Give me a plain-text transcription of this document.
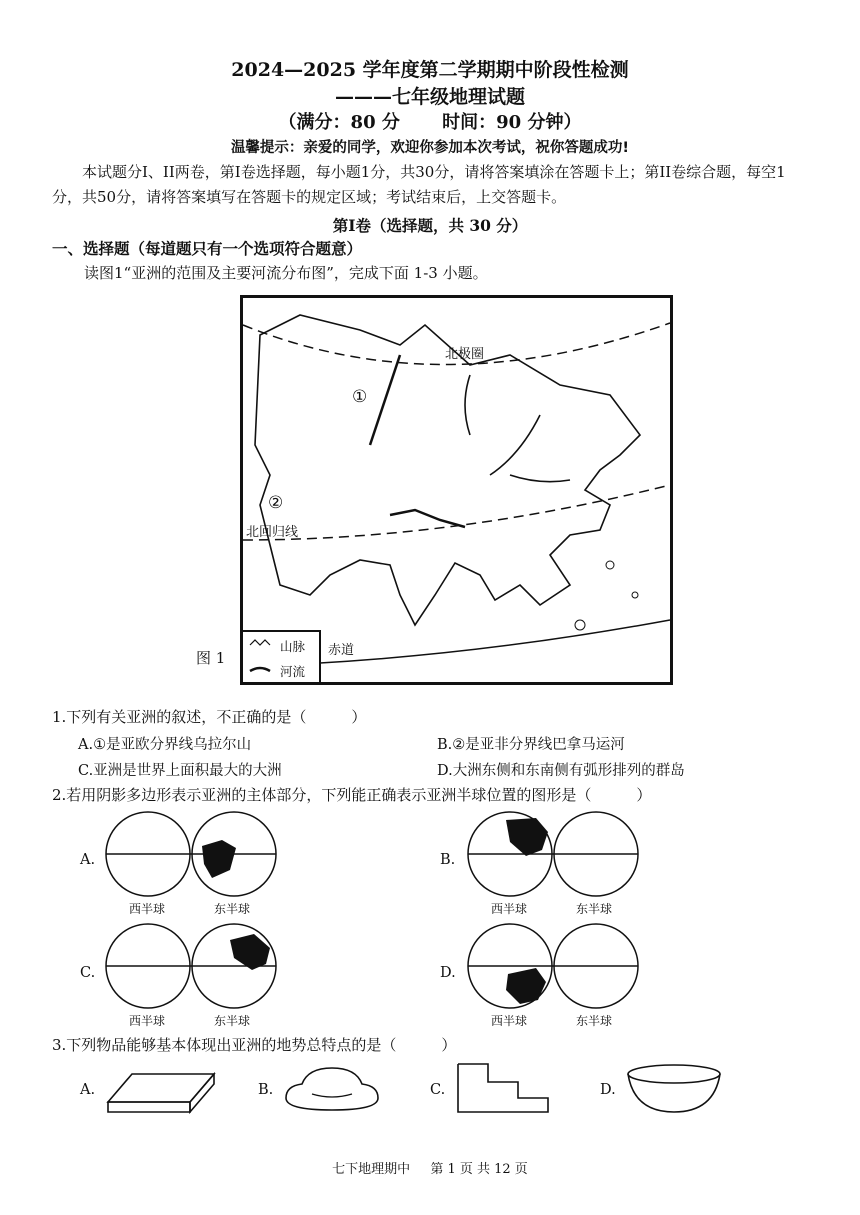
2024—2025 学年度第二学期期中阶段性检测
———七年级地理试题
（满分：80 分　　 时间：90 分钟）
温馨提示：亲爱的同学，欢迎你参加本次考试，祝你答题成功!
本试题分I、II两卷，第I卷选择题，每小题1分，共30分，请将答案填涂在答题卡上；第II卷综合题，每空1分，共50分，请将答案填写在答题卡的规定区域；考试结束后，上交答题卡。
第Ⅰ卷（选择题，共 30 分）
一、选择题（每道题只有一个选项符合题意）
读图1“亚洲的范围及主要河流分布图”，完成下面 1-3 小题。
北极圈
北回归线
赤道
①
②
山脉
河流
图 1
1.下列有关亚洲的叙述，不正确的是（　　　）
A.①是亚欧分界线乌拉尔山	B.②是亚非分界线巴拿马运河
C.亚洲是世界上面积最大的大洲	D.大洲东侧和东南侧有弧形排列的群岛
2.若用阴影多边形表示亚洲的主体部分，下列能正确表示亚洲半球位置的图形是（　　　）
A.
西半球	东半球
B.
西半球	东半球
C.
西半球	东半球
D.
西半球	东半球
3.下列物品能够基本体现出亚洲的地势总特点的是（　　　）
A.	B.	C.	D.
七下地理期中 第 1 页 共 12 页
